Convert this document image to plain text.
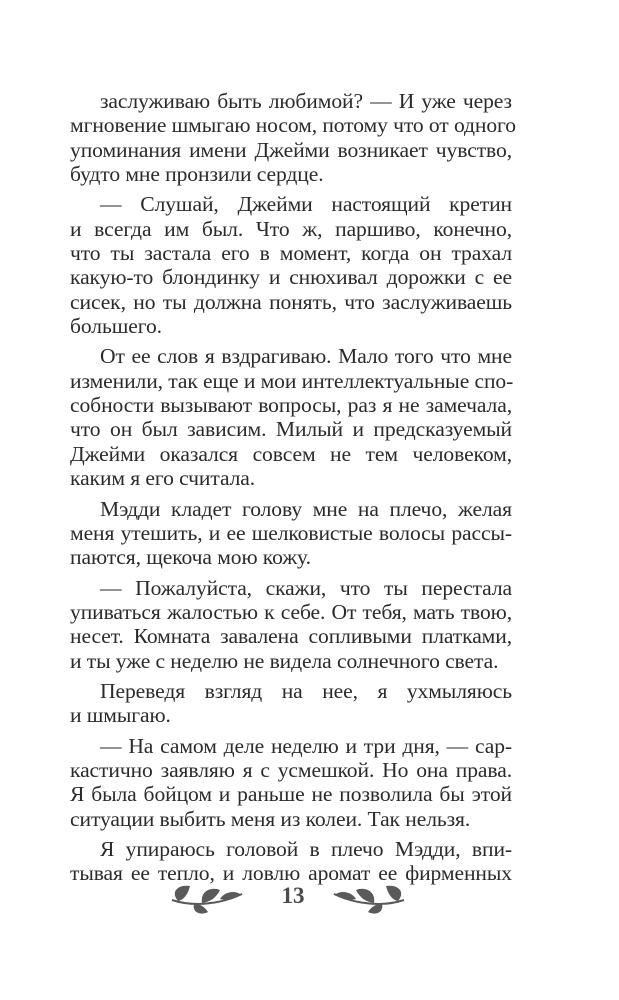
заслуживаю быть любимой? — И уже через
мгновение шмыгаю носом, потому что от одного
упоминания имени Джейми возникает чувство,
будто мне пронзили сердце.
— Слушай, Джейми настоящий кретин
и всегда им был. Что ж, паршиво, конечно,
что ты застала его в момент, когда он трахал
какую-то блондинку и снюхивал дорожки с ее
сисек, но ты должна понять, что заслуживаешь
большего.
От ее слов я вздрагиваю. Мало того что мне
изменили, так еще и мои интеллектуальные спо-
собности вызывают вопросы, раз я не замечала,
что он был зависим. Милый и предсказуемый
Джейми оказался совсем не тем человеком,
каким я его считала.
Мэдди кладет голову мне на плечо, желая
меня утешить, и ее шелковистые волосы рассы-
паются, щекоча мою кожу.
— Пожалуйста, скажи, что ты перестала
упиваться жалостью к себе. От тебя, мать твою,
несет. Комната завалена сопливыми платками,
и ты уже с неделю не видела солнечного света.
Переведя взгляд на нее, я ухмыляюсь
и шмыгаю.
— На самом деле неделю и три дня, — сар-
кастично заявляю я с усмешкой. Но она права.
Я была бойцом и раньше не позволила бы этой
ситуации выбить меня из колеи. Так нельзя.
Я упираюсь головой в плечо Мэдди, впи-
тывая ее тепло, и ловлю аромат ее фирменных
13
